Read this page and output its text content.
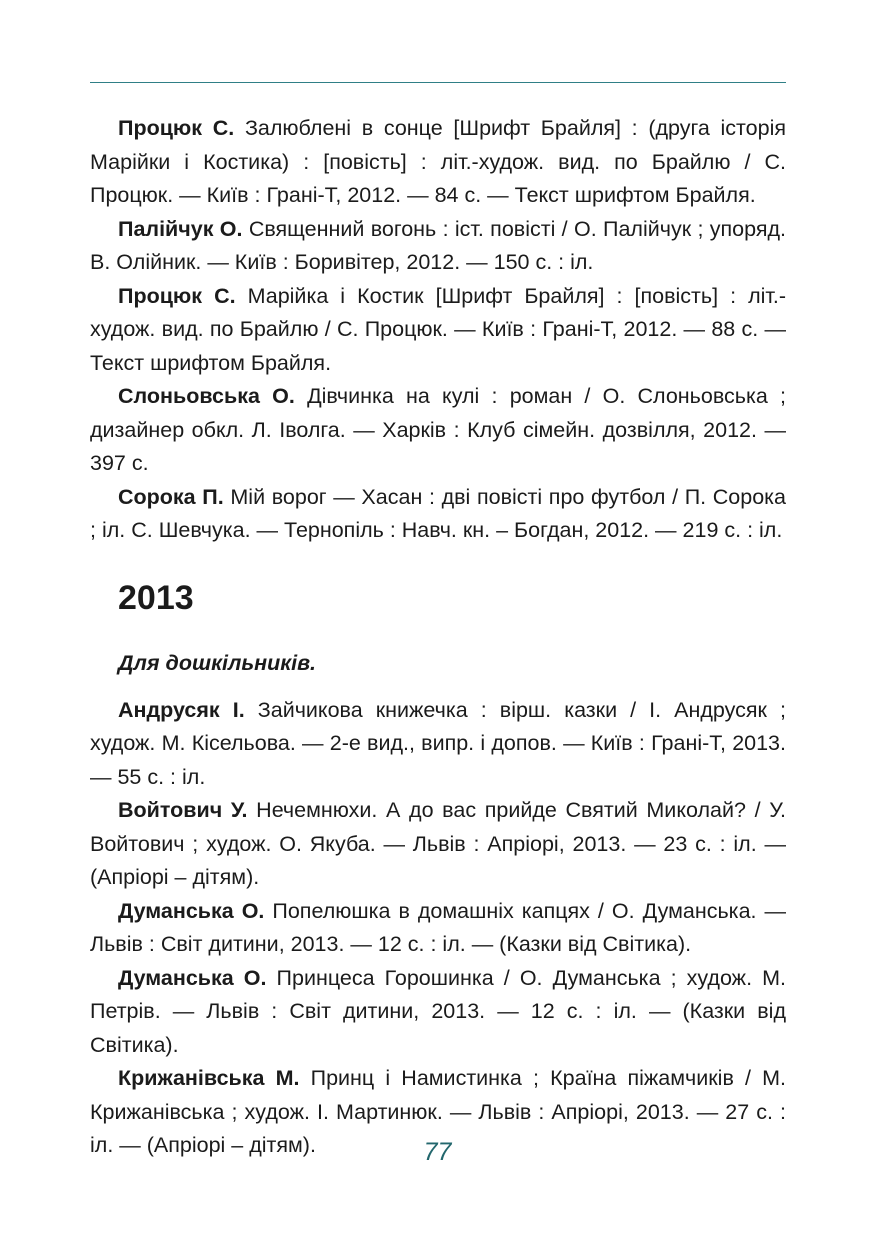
Процюк С. Залюблені в сонце [Шрифт Брайля] : (друга історія Марійки і Костика) : [повість] : літ.-худож. вид. по Брайлю / С. Процюк. — Київ : Грані-Т, 2012. — 84 с. — Текст шрифтом Брайля.

Палійчук О. Священний вогонь : іст. повісті / О. Палійчук ; упоряд. В. Олійник. — Київ : Боривітер, 2012. — 150 с. : іл.

Процюк С. Марійка і Костик [Шрифт Брайля] : [повість] : літ.-худож. вид. по Брайлю / С. Процюк. — Київ : Грані-Т, 2012. — 88 с. — Текст шрифтом Брайля.

Слоньовська О. Дівчинка на кулі : роман / О. Слоньовська ; дизайнер обкл. Л. Іволга. — Харків : Клуб сімейн. дозвілля, 2012. — 397 с.

Сорока П. Мій ворог — Хасан : дві повісті про футбол / П. Сорока ; іл. С. Шевчука. — Тернопіль : Навч. кн. – Богдан, 2012. — 219 с. : іл.

2013
Для дошкільників.

Андрусяк І. Зайчикова книжечка : вірш. казки / І. Андрусяк ; худож. М. Кісельова. — 2-е вид., випр. і допов. — Київ : Грані-Т, 2013. — 55 с. : іл.

Войтович У. Нечемнюхи. А до вас прийде Святий Миколай? / У. Войтович ; худож. О. Якуба. — Львів : Апріорі, 2013. — 23 с. : іл. — (Апріорі – дітям).

Думанська О. Попелюшка в домашніх капцях / О. Думанська. — Львів : Світ дитини, 2013. — 12 с. : іл. — (Казки від Світика).

Думанська О. Принцеса Горошинка / О. Думанська ; худож. М. Петрів. — Львів : Світ дитини, 2013. — 12 с. : іл. — (Казки від Світика).

Крижанівська М. Принц і Намистинка ; Країна піжамчиків / М. Крижанівська ; худож. І. Мартинюк. — Львів : Апріорі, 2013. — 27 с. : іл. — (Апріорі – дітям).	77
